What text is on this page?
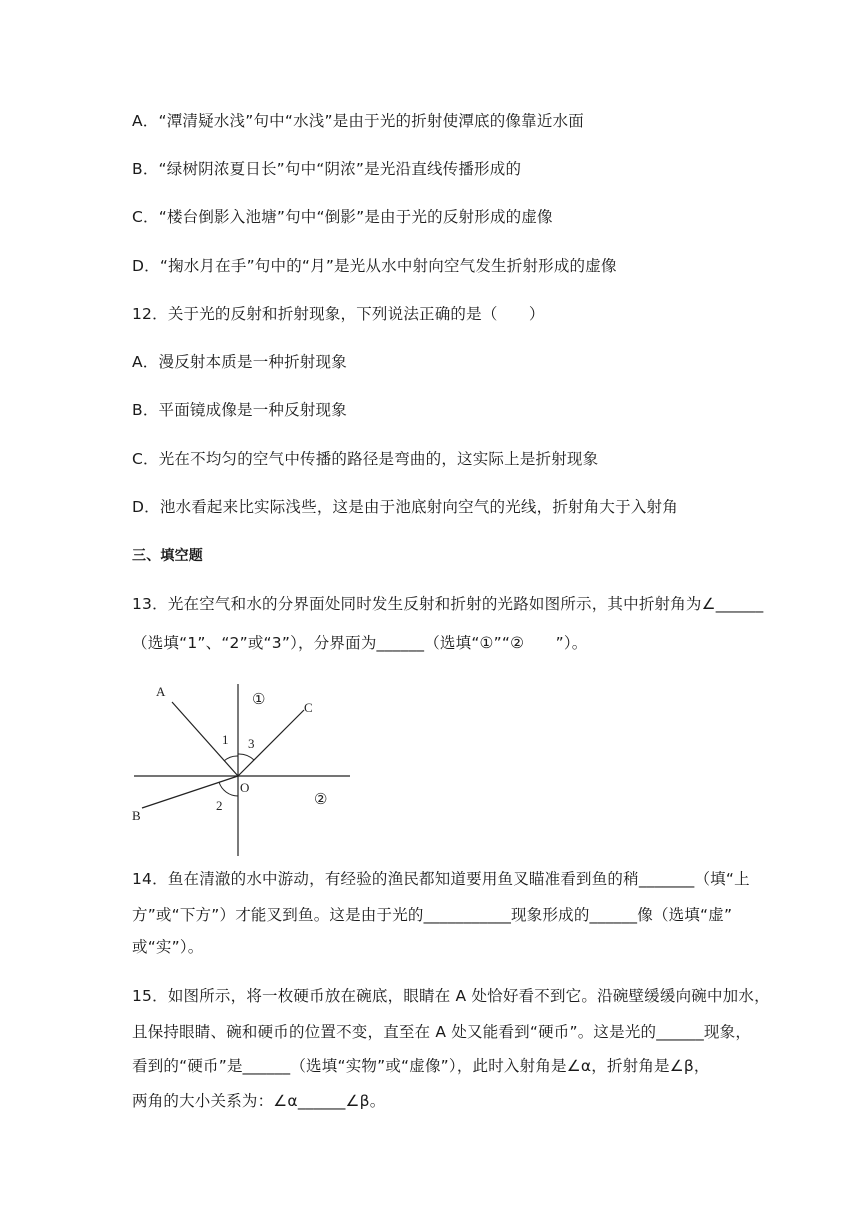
A．“潭清疑水浅”句中“水浅”是由于光的折射使潭底的像靠近水面
B．“绿树阴浓夏日长”句中“阴浓”是光沿直线传播形成的
C．“楼台倒影入池塘”句中“倒影”是由于光的反射形成的虚像
D．“掬水月在手”句中的“月”是光从水中射向空气发生折射形成的虚像
12．关于光的反射和折射现象，下列说法正确的是（　　）
A．漫反射本质是一种折射现象
B．平面镜成像是一种反射现象
C．光在不均匀的空气中传播的路径是弯曲的，这实际上是折射现象
D．池水看起来比实际浅些，这是由于池底射向空气的光线，折射角大于入射角
三、填空题
13．光在空气和水的分界面处同时发生反射和折射的光路如图所示，其中折射角为∠______
（选填“1”、“2”或“3”），分界面为______（选填“①”“②　　”）。
A
C
B
O
1 3
2
①
②
14．鱼在清澈的水中游动，有经验的渔民都知道要用鱼叉瞄准看到鱼的稍_______（填“上
方”或“下方”）才能叉到鱼。这是由于光的___________现象形成的______像（选填“虚”
或“实”）。
15．如图所示，将一枚硬币放在碗底，眼睛在 A 处恰好看不到它。沿碗壁缓缓向碗中加水，
且保持眼睛、碗和硬币的位置不变，直至在 A 处又能看到“硬币”。这是光的______现象，
看到的“硬币”是______（选填“实物”或“虚像”），此时入射角是∠α，折射角是∠β，
两角的大小关系为：∠α______∠β。
